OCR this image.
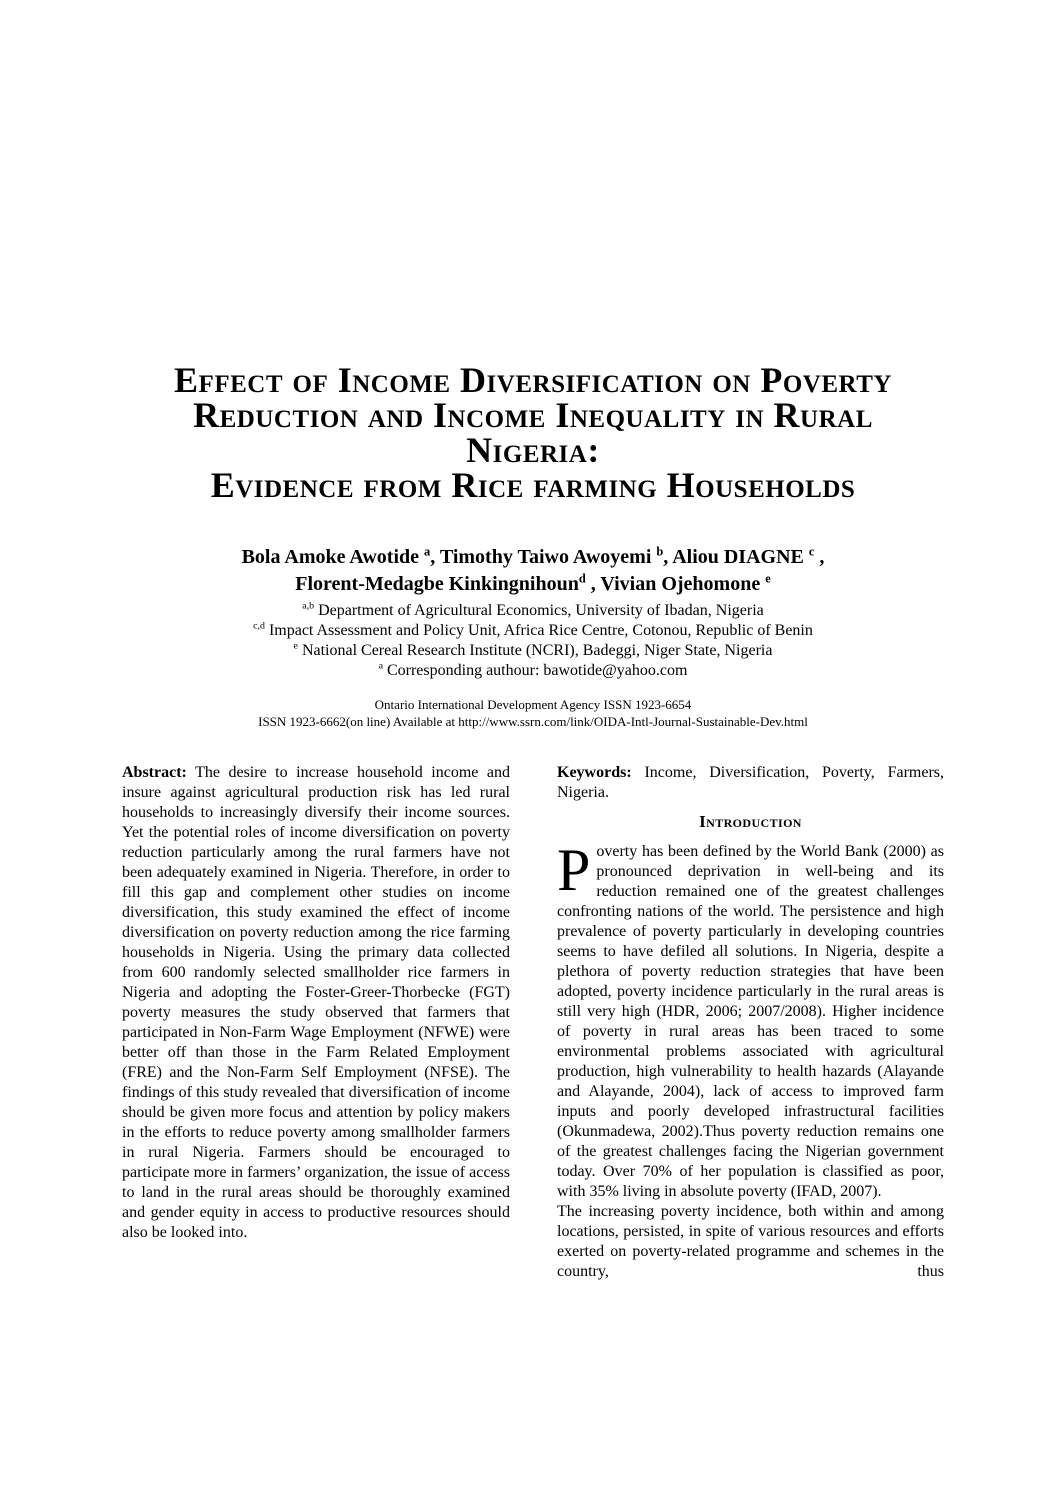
Effect of Income Diversification on Poverty
Reduction and Income Inequality in Rural Nigeria:
Evidence from Rice farming Households
Bola Amoke Awotide $^a$, Timothy Taiwo Awoyemi $^b$, Aliou DIAGNE $^c$ ,
Florent-Medagbe Kinkingnihoun$^d$ , Vivian Ojehomone $^e$
$^{a,b}$ Department of Agricultural Economics, University of Ibadan, Nigeria
$^{c,d}$ Impact Assessment and Policy Unit, Africa Rice Centre, Cotonou, Republic of Benin
$^e$ National Cereal Research Institute (NCRI), Badeggi, Niger State, Nigeria
$^a$ Corresponding authour: bawotide@yahoo.com
Ontario International Development Agency ISSN 1923-6654
ISSN 1923-6662(on line) Available at http://www.ssrn.com/link/OIDA-Intl-Journal-Sustainable-Dev.html

Abstract: The desire to increase household income and insure against agricultural production risk has led rural households to increasingly diversify their income sources. Yet the potential roles of income diversification on poverty reduction particularly among the rural farmers have not been adequately examined in Nigeria. Therefore, in order to fill this gap and complement other studies on income diversification, this study examined the effect of income diversification on poverty reduction among the rice farming households in Nigeria. Using the primary data collected from 600 randomly selected smallholder rice farmers in Nigeria and adopting the Foster-Greer-Thorbecke (FGT) poverty measures the study observed that farmers that participated in Non-Farm Wage Employment (NFWE) were better off than those in the Farm Related Employment (FRE) and the Non-Farm Self Employment (NFSE). The findings of this study revealed that diversification of income should be given more focus and attention by policy makers in the efforts to reduce poverty among smallholder farmers in rural Nigeria. Farmers should be encouraged to participate more in farmers’ organization, the issue of access to land in the rural areas should be thoroughly examined and gender equity in access to productive resources should also be looked into.

Keywords: Income, Diversification, Poverty, Farmers, Nigeria.

Introduction

Poverty has been defined by the World Bank (2000) as pronounced deprivation in well-being and its reduction remained one of the greatest challenges confronting nations of the world. The persistence and high prevalence of poverty particularly in developing countries seems to have defiled all solutions. In Nigeria, despite a plethora of poverty reduction strategies that have been adopted, poverty incidence particularly in the rural areas is still very high (HDR, 2006; 2007/2008). Higher incidence of poverty in rural areas has been traced to some environmental problems associated with agricultural production, high vulnerability to health hazards (Alayande and Alayande, 2004), lack of access to improved farm inputs and poorly developed infrastructural facilities (Okunmadewa, 2002).Thus poverty reduction remains one of the greatest challenges facing the Nigerian government today. Over 70% of her population is classified as poor, with 35% living in absolute poverty (IFAD, 2007).

The increasing poverty incidence, both within and among locations, persisted, in spite of various resources and efforts exerted on poverty-related programme and schemes in the country, thus
